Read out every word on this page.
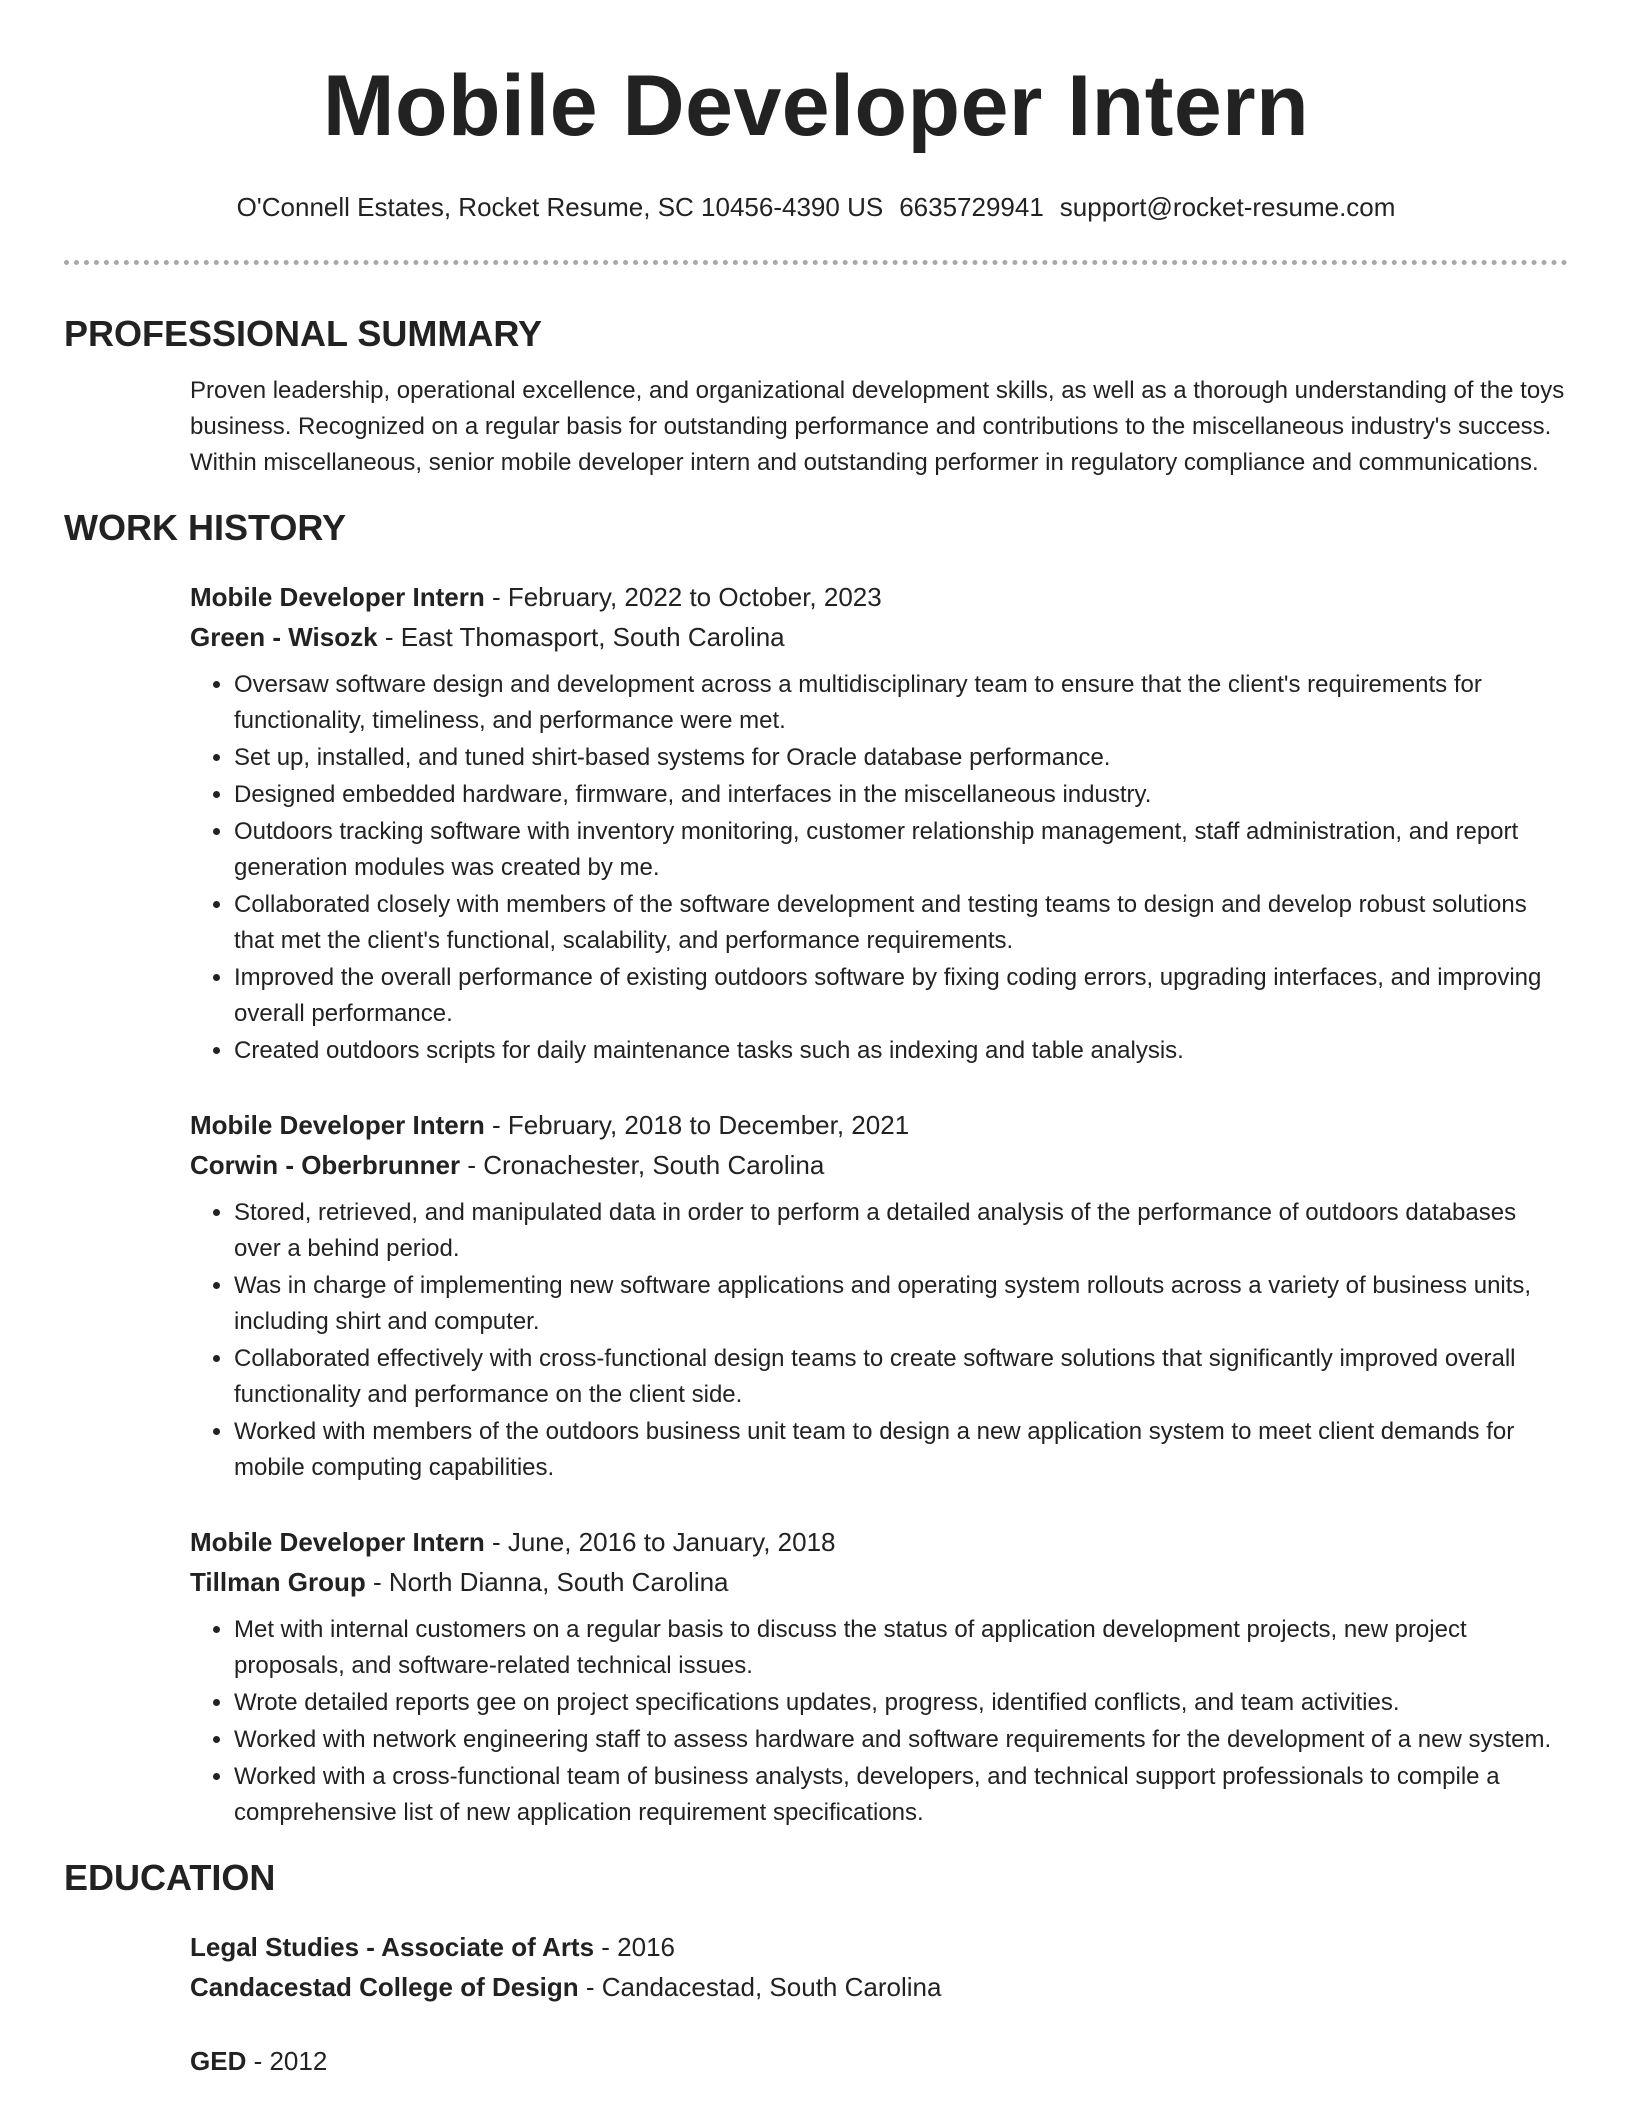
Mobile Developer Intern
O'Connell Estates, Rocket Resume, SC 10456-4390 US 6635729941 support@rocket-resume.com
PROFESSIONAL SUMMARY
Proven leadership, operational excellence, and organizational development skills, as well as a thorough understanding of the toys business. Recognized on a regular basis for outstanding performance and contributions to the miscellaneous industry's success. Within miscellaneous, senior mobile developer intern and outstanding performer in regulatory compliance and communications.
WORK HISTORY
Mobile Developer Intern - February, 2022 to October, 2023
Green - Wisozk - East Thomasport, South Carolina
• Oversaw software design and development across a multidisciplinary team to ensure that the client's requirements for functionality, timeliness, and performance were met.
• Set up, installed, and tuned shirt-based systems for Oracle database performance.
• Designed embedded hardware, firmware, and interfaces in the miscellaneous industry.
• Outdoors tracking software with inventory monitoring, customer relationship management, staff administration, and report generation modules was created by me.
• Collaborated closely with members of the software development and testing teams to design and develop robust solutions that met the client's functional, scalability, and performance requirements.
• Improved the overall performance of existing outdoors software by fixing coding errors, upgrading interfaces, and improving overall performance.
• Created outdoors scripts for daily maintenance tasks such as indexing and table analysis.
Mobile Developer Intern - February, 2018 to December, 2021
Corwin - Oberbrunner - Cronachester, South Carolina
• Stored, retrieved, and manipulated data in order to perform a detailed analysis of the performance of outdoors databases over a behind period.
• Was in charge of implementing new software applications and operating system rollouts across a variety of business units, including shirt and computer.
• Collaborated effectively with cross-functional design teams to create software solutions that significantly improved overall functionality and performance on the client side.
• Worked with members of the outdoors business unit team to design a new application system to meet client demands for mobile computing capabilities.
Mobile Developer Intern - June, 2016 to January, 2018
Tillman Group - North Dianna, South Carolina
• Met with internal customers on a regular basis to discuss the status of application development projects, new project proposals, and software-related technical issues.
• Wrote detailed reports gee on project specifications updates, progress, identified conflicts, and team activities.
• Worked with network engineering staff to assess hardware and software requirements for the development of a new system.
• Worked with a cross-functional team of business analysts, developers, and technical support professionals to compile a comprehensive list of new application requirement specifications.
EDUCATION
Legal Studies - Associate of Arts - 2016
Candacestad College of Design - Candacestad, South Carolina
GED - 2012
